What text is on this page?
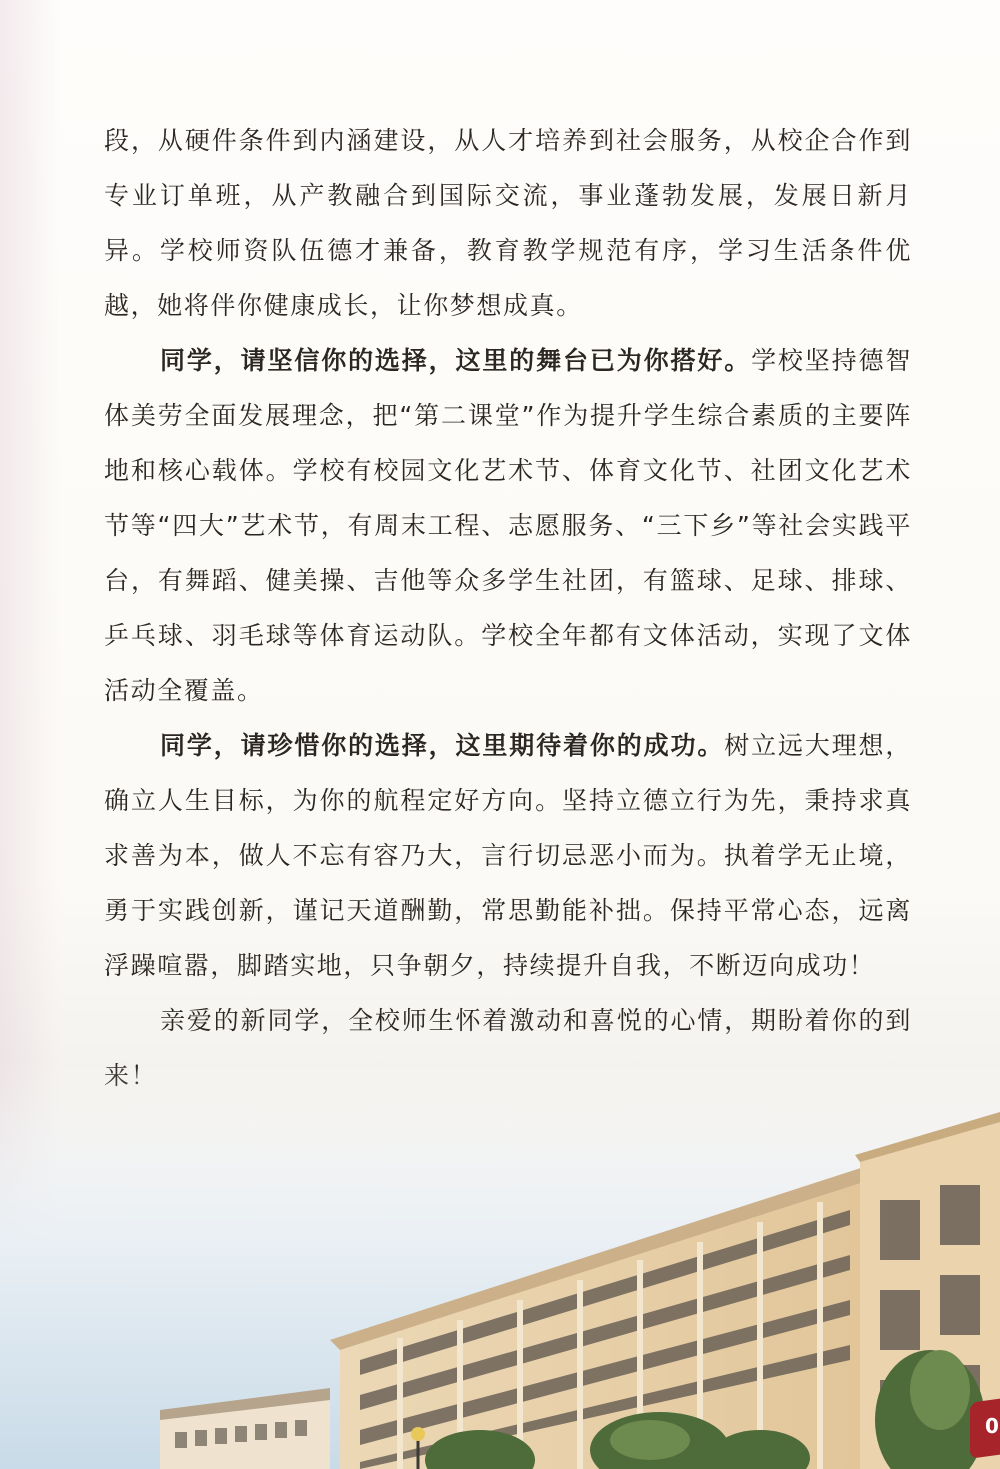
段，从硬件条件到内涵建设，从人才培养到社会服务，从校企合作到专业订单班，从产教融合到国际交流，事业蓬勃发展，发展日新月异。学校师资队伍德才兼备，教育教学规范有序，学习生活条件优越，她将伴你健康成长，让你梦想成真。

同学，请坚信你的选择，这里的舞台已为你搭好。学校坚持德智体美劳全面发展理念，把“第二课堂”作为提升学生综合素质的主要阵地和核心载体。学校有校园文化艺术节、体育文化节、社团文化艺术节等“四大”艺术节，有周末工程、志愿服务、“三下乡”等社会实践平台，有舞蹈、健美操、吉他等众多学生社团，有篮球、足球、排球、乒乓球、羽毛球等体育运动队。学校全年都有文体活动，实现了文体活动全覆盖。

同学，请珍惜你的选择，这里期待着你的成功。树立远大理想，确立人生目标，为你的航程定好方向。坚持立德立行为先，秉持求真求善为本，做人不忘有容乃大，言行切忌恶小而为。执着学无止境，勇于实践创新，谨记天道酬勤，常思勤能补拙。保持平常心态，远离浮躁喧嚣，脚踏实地，只争朝夕，持续提升自我，不断迈向成功！

亲爱的新同学，全校师生怀着激动和喜悦的心情，期盼着你的到

0
